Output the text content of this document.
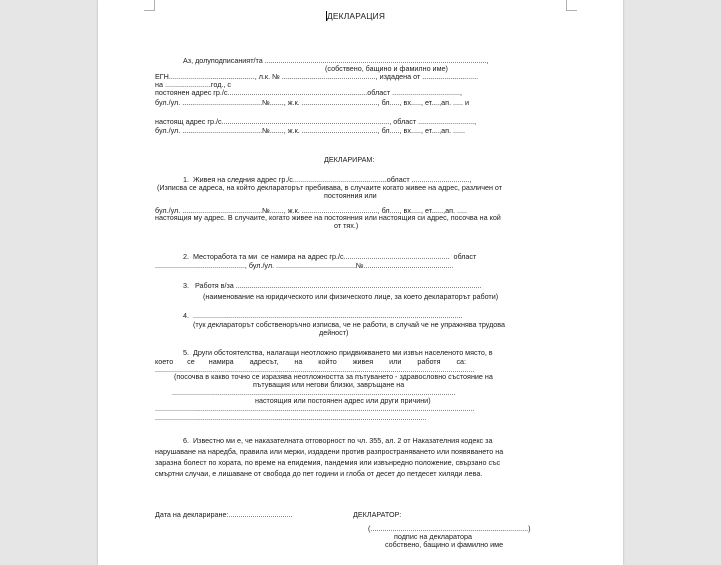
ДЕКЛАРАЦИЯ
Аз, долуподписаният/та ...............................................................................................................,
(собствено, бащино и фамилно име)
ЕГН..........................................., л.к. № ..............................................., издадена от ............................
на .......................год., с
постоянен адрес гр./с......................................................................област ..................................,
бул./ул. ........................................№......., ж.к. ......................................, бл....., вх....., ет....,ап. ..... и
настоящ адрес гр./с...................................................................................., област ............................,
бул./ул. ........................................№......., ж.к. ......................................, бл....., вх....., ет....,ап. ......
ДЕКЛАРИРАМ:
1.  Живея на следния адрес гр./с...............................................област .............................,
(Изписва се адреса, на който деклараторът пребивава, в случаите когато живее на адрес, различен от
постоянния или
бул./ул. ........................................№......., ж.к. ......................................, бл....., вх....., ет......,ап. .....
настоящия му адрес. В случаите, когато живее на постоянния или настоящия си адрес, посочва на кой
от тях.)
2.  Месторабота та ми  се намира на адрес гр./с.....................................................  област
............................................., бул./ул. ........................................№.............................................
3.   Работя в/за ...........................................................................................................................
(наименование на юридическото или физическото лице, за което декларатoрът работи)
4.  .......................................................................................................................................
(тук декларатoрът собственоръчно изписва, че не работи, в случай че не упражнява трудова
дейност)
5.  Други обстоятелства, налагащи неотложно придвижването ми извън населеното място, в
което       се       намира        адресът,        на        който        живея        или        работя        са:
................................................................................................................................................................
(посочва в какво точно се изразява неотложността за пътуването - здравословно състояние на
пътуващия или негови близки, завръщане на
..............................................................................................................................................
настоящия или постоянен адрес или други причини)
................................................................................................................................................................
........................................................................................................................................
6.  Известно ми е, че наказателната отговорност по чл. 355, ал. 2 от Наказателния кодекс за
нарушаване на наредба, правила или мерки, издадени против разпространяването или появяването на
заразна болест по хората, по време на епидемия, пандемия или извънредно положение, свързано със
смъртни случаи, е лишаване от свобода до пет години и глоба от десет до петдесет хиляди лева.
Дата на деклариране:................................	ДЕКЛАРАТОР:
(...............................................................................)
подпис на декларатора
собствено, бащино и фамилно име
